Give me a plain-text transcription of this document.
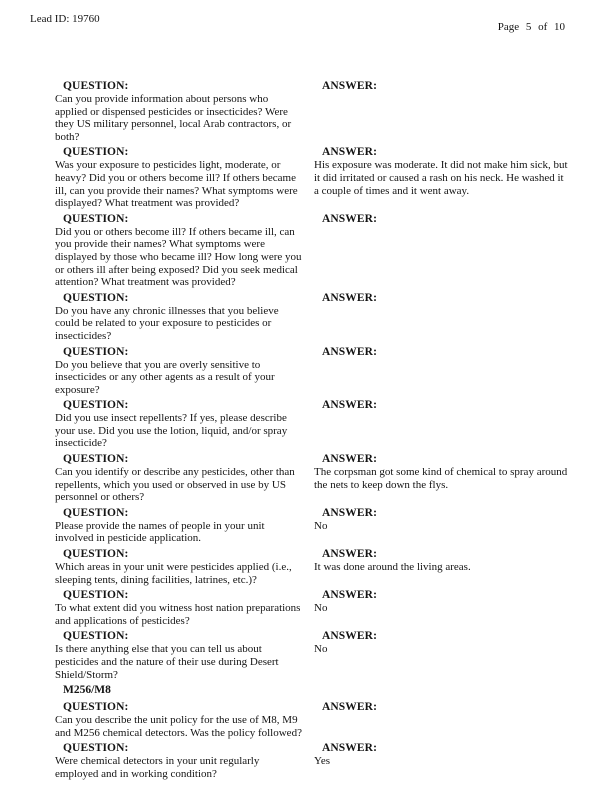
Lead ID: 19760
Page 5 of 10
QUESTION:
Can you provide information about persons who applied or dispensed pesticides or insecticides? Were they US military personnel, local Arab contractors, or both?
ANSWER:
QUESTION:
Was your exposure to pesticides light, moderate, or heavy? Did you or others become ill? If others became ill, can you provide their names? What symptoms were displayed? What treatment was provided?
ANSWER:
His exposure was moderate. It did not make him sick, but it did irritated or caused a rash on his neck. He washed it a couple of times and it went away.
QUESTION:
Did you or others become ill? If others became ill, can you provide their names? What symptoms were displayed by those who became ill? How long were you or others ill after being exposed? Did you seek medical attention? What treatment was provided?
ANSWER:
QUESTION:
Do you have any chronic illnesses that you believe could be related to your exposure to pesticides or insecticides?
ANSWER:
QUESTION:
Do you believe that you are overly sensitive to insecticides or any other agents as a result of your exposure?
ANSWER:
QUESTION:
Did you use insect repellents? If yes, please describe your use. Did you use the lotion, liquid, and/or spray insecticide?
ANSWER:
QUESTION:
Can you identify or describe any pesticides, other than repellents, which you used or observed in use by US personnel or others?
ANSWER:
The corpsman got some kind of chemical to spray around the nets to keep down the flys.
QUESTION:
Please provide the names of people in your unit involved in pesticide application.
ANSWER:
No
QUESTION:
Which areas in your unit were pesticides applied (i.e., sleeping tents, dining facilities, latrines, etc.)?
ANSWER:
It was done around the living areas.
QUESTION:
To what extent did you witness host nation preparations and applications of pesticides?
ANSWER:
No
QUESTION:
Is there anything else that you can tell us about pesticides and the nature of their use during Desert Shield/Storm?
ANSWER:
No
M256/M8
QUESTION:
Can you describe the unit policy for the use of M8, M9 and M256 chemical detectors. Was the policy followed?
ANSWER:
QUESTION:
Were chemical detectors in your unit regularly employed and in working condition?
ANSWER:
Yes
